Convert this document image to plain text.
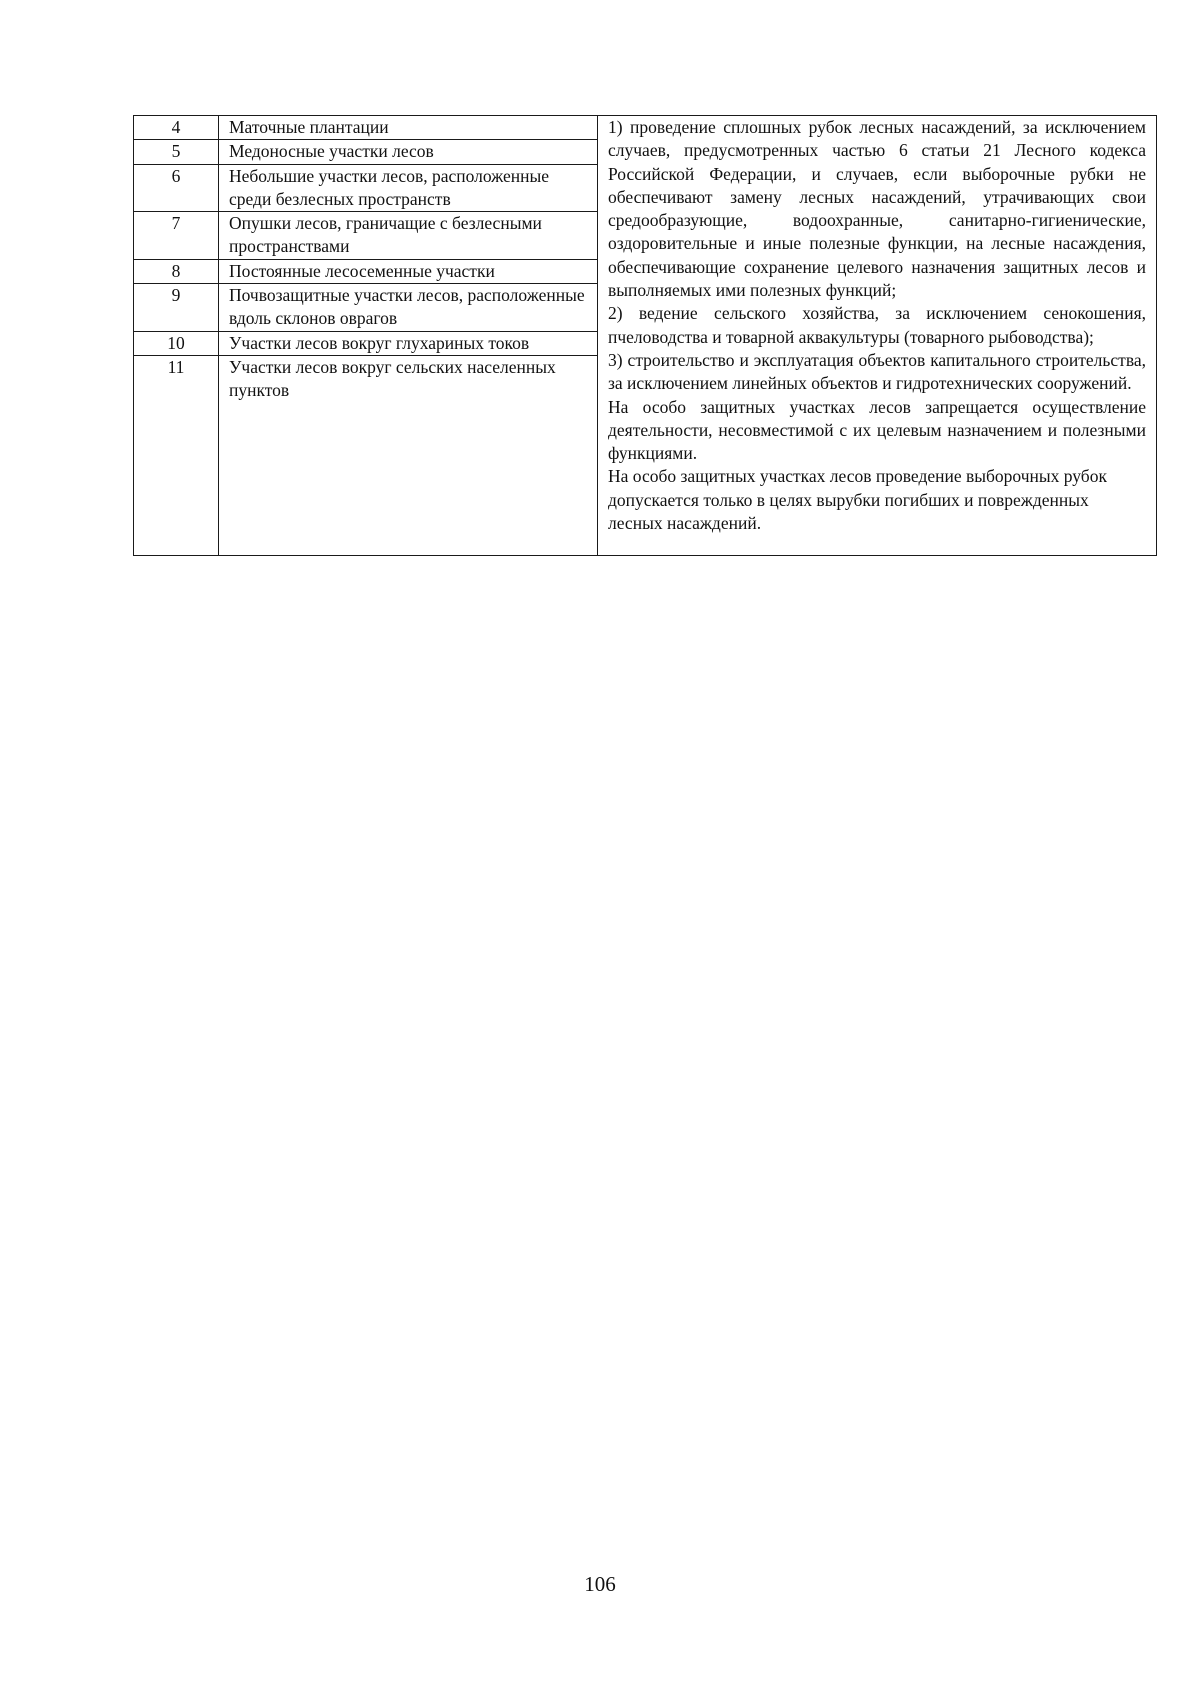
4	Маточные плантации	1) проведение сплошных рубок лесных насаждений, за исключением случаев, предусмотренных частью 6 статьи 21 Лесного кодекса Российской Федерации, и случаев, если выборочные рубки не обеспечивают замену лесных насаждений, утрачивающих свои средообразующие, водоохранные, санитарно-гигиенические, оздоровительные и иные полезные функции, на лесные насаждения, обеспечивающие сохранение целевого назначения защитных лесов и выполняемых ими полезных функций;

2) ведение сельского хозяйства, за исключением сенокошения, пчеловодства и товарной аквакультуры (товарного рыбоводства);

3) строительство и эксплуатация объектов капитального строительства, за исключением линейных объектов и гидротехнических сооружений.

На особо защитных участках лесов запрещается осуществление деятельности, несовместимой с их целевым назначением и полезными функциями.

На особо защитных участках лесов проведение выборочных рубок допускается только в целях вырубки погибших и поврежденных лесных насаждений.

5	Медоносные участки лесов	
6	Небольшие участки лесов, расположенные среди безлесных пространств	
7	Опушки лесов, граничащие с безлесными пространствами	
8	Постоянные лесосеменные участки	
9	Почвозащитные участки лесов, расположенные вдоль склонов оврагов	
10	Участки лесов вокруг глухариных токов	
11	Участки лесов вокруг сельских населенных пунктов	
106
